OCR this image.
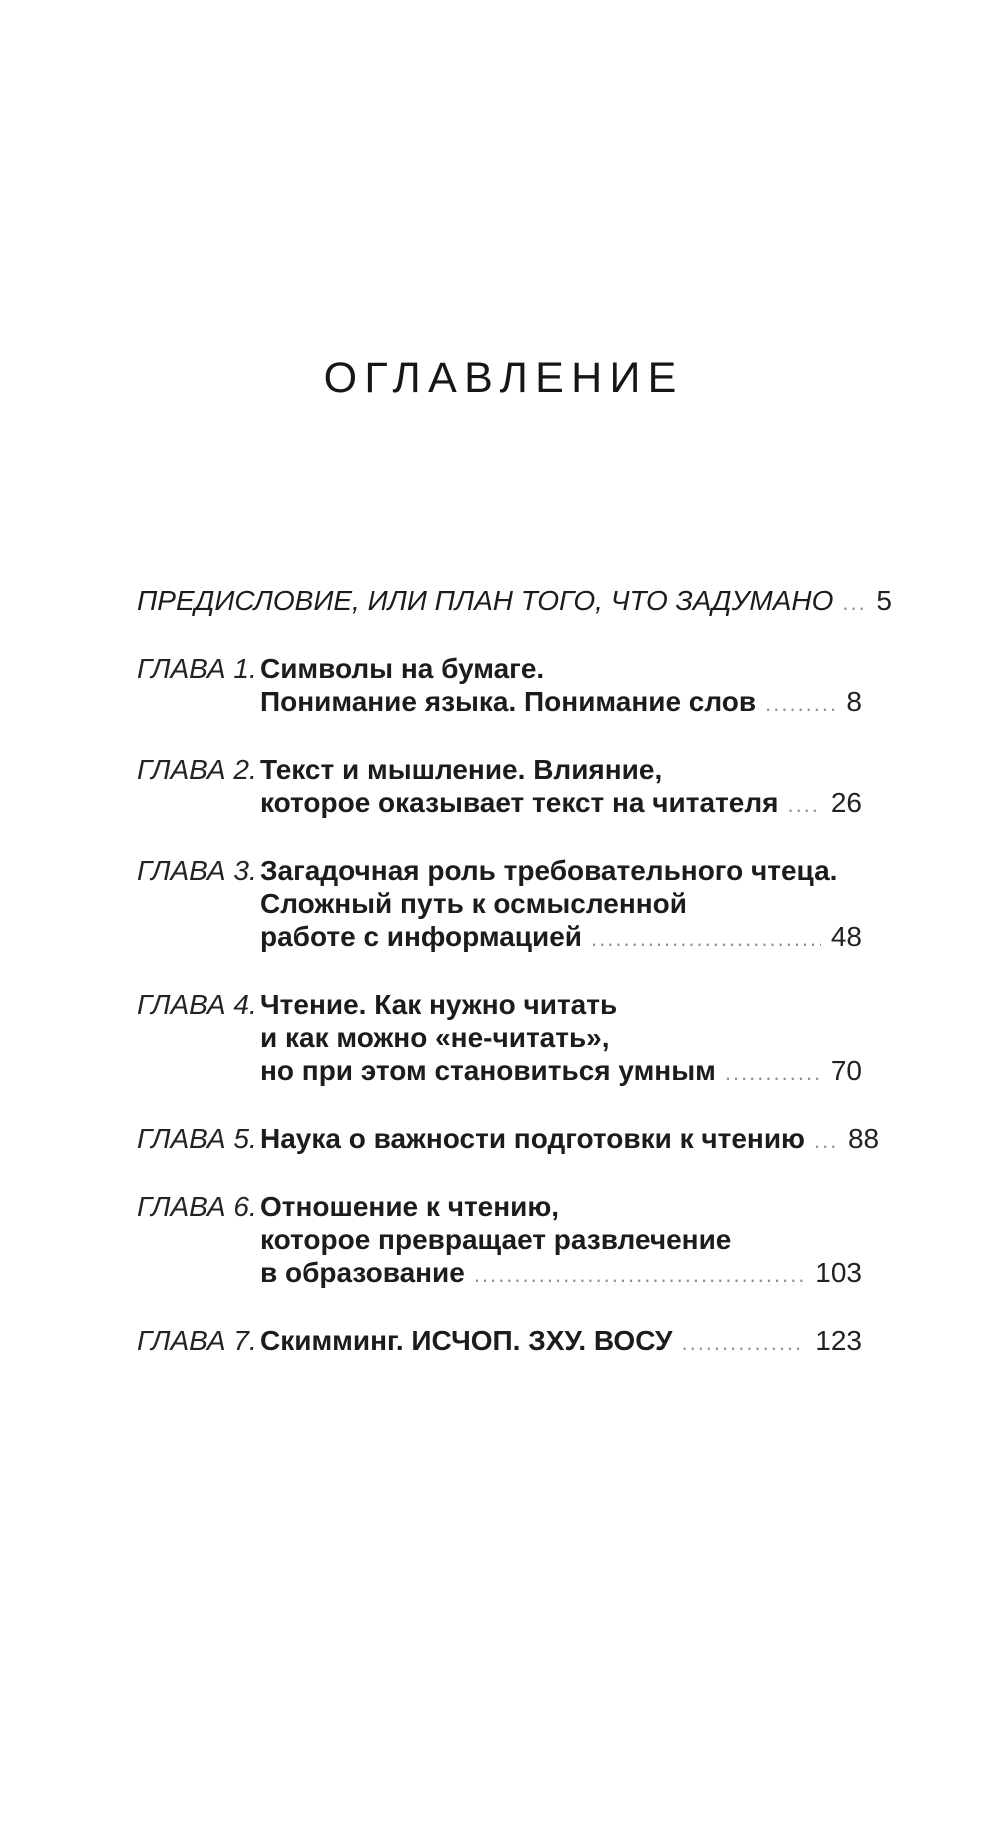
ОГЛАВЛЕНИЕ
ПРЕДИСЛОВИЕ, ИЛИ ПЛАН ТОГО, ЧТО ЗАДУМАНО ..... 5
ГЛАВА 1. Символы на бумаге.
Понимание языка. Понимание слов .....	8
ГЛАВА 2. Текст и мышление. Влияние,
которое оказывает текст на читателя ..... 26
ГЛАВА 3. Загадочная роль требовательного чтеца.
Сложный путь к осмысленной
работе с информацией .....	48
ГЛАВА 4. Чтение. Как нужно читать
и как можно «не-читать»,
но при этом становиться умным .....	70
ГЛАВА 5. Наука о важности подготовки к чтению ..... 88
ГЛАВА 6. Отношение к чтению,
которое превращает развлечение
в образование .....	103
ГЛАВА 7. Скимминг. ИСЧОП. ЗХУ. ВОСУ .....	123
